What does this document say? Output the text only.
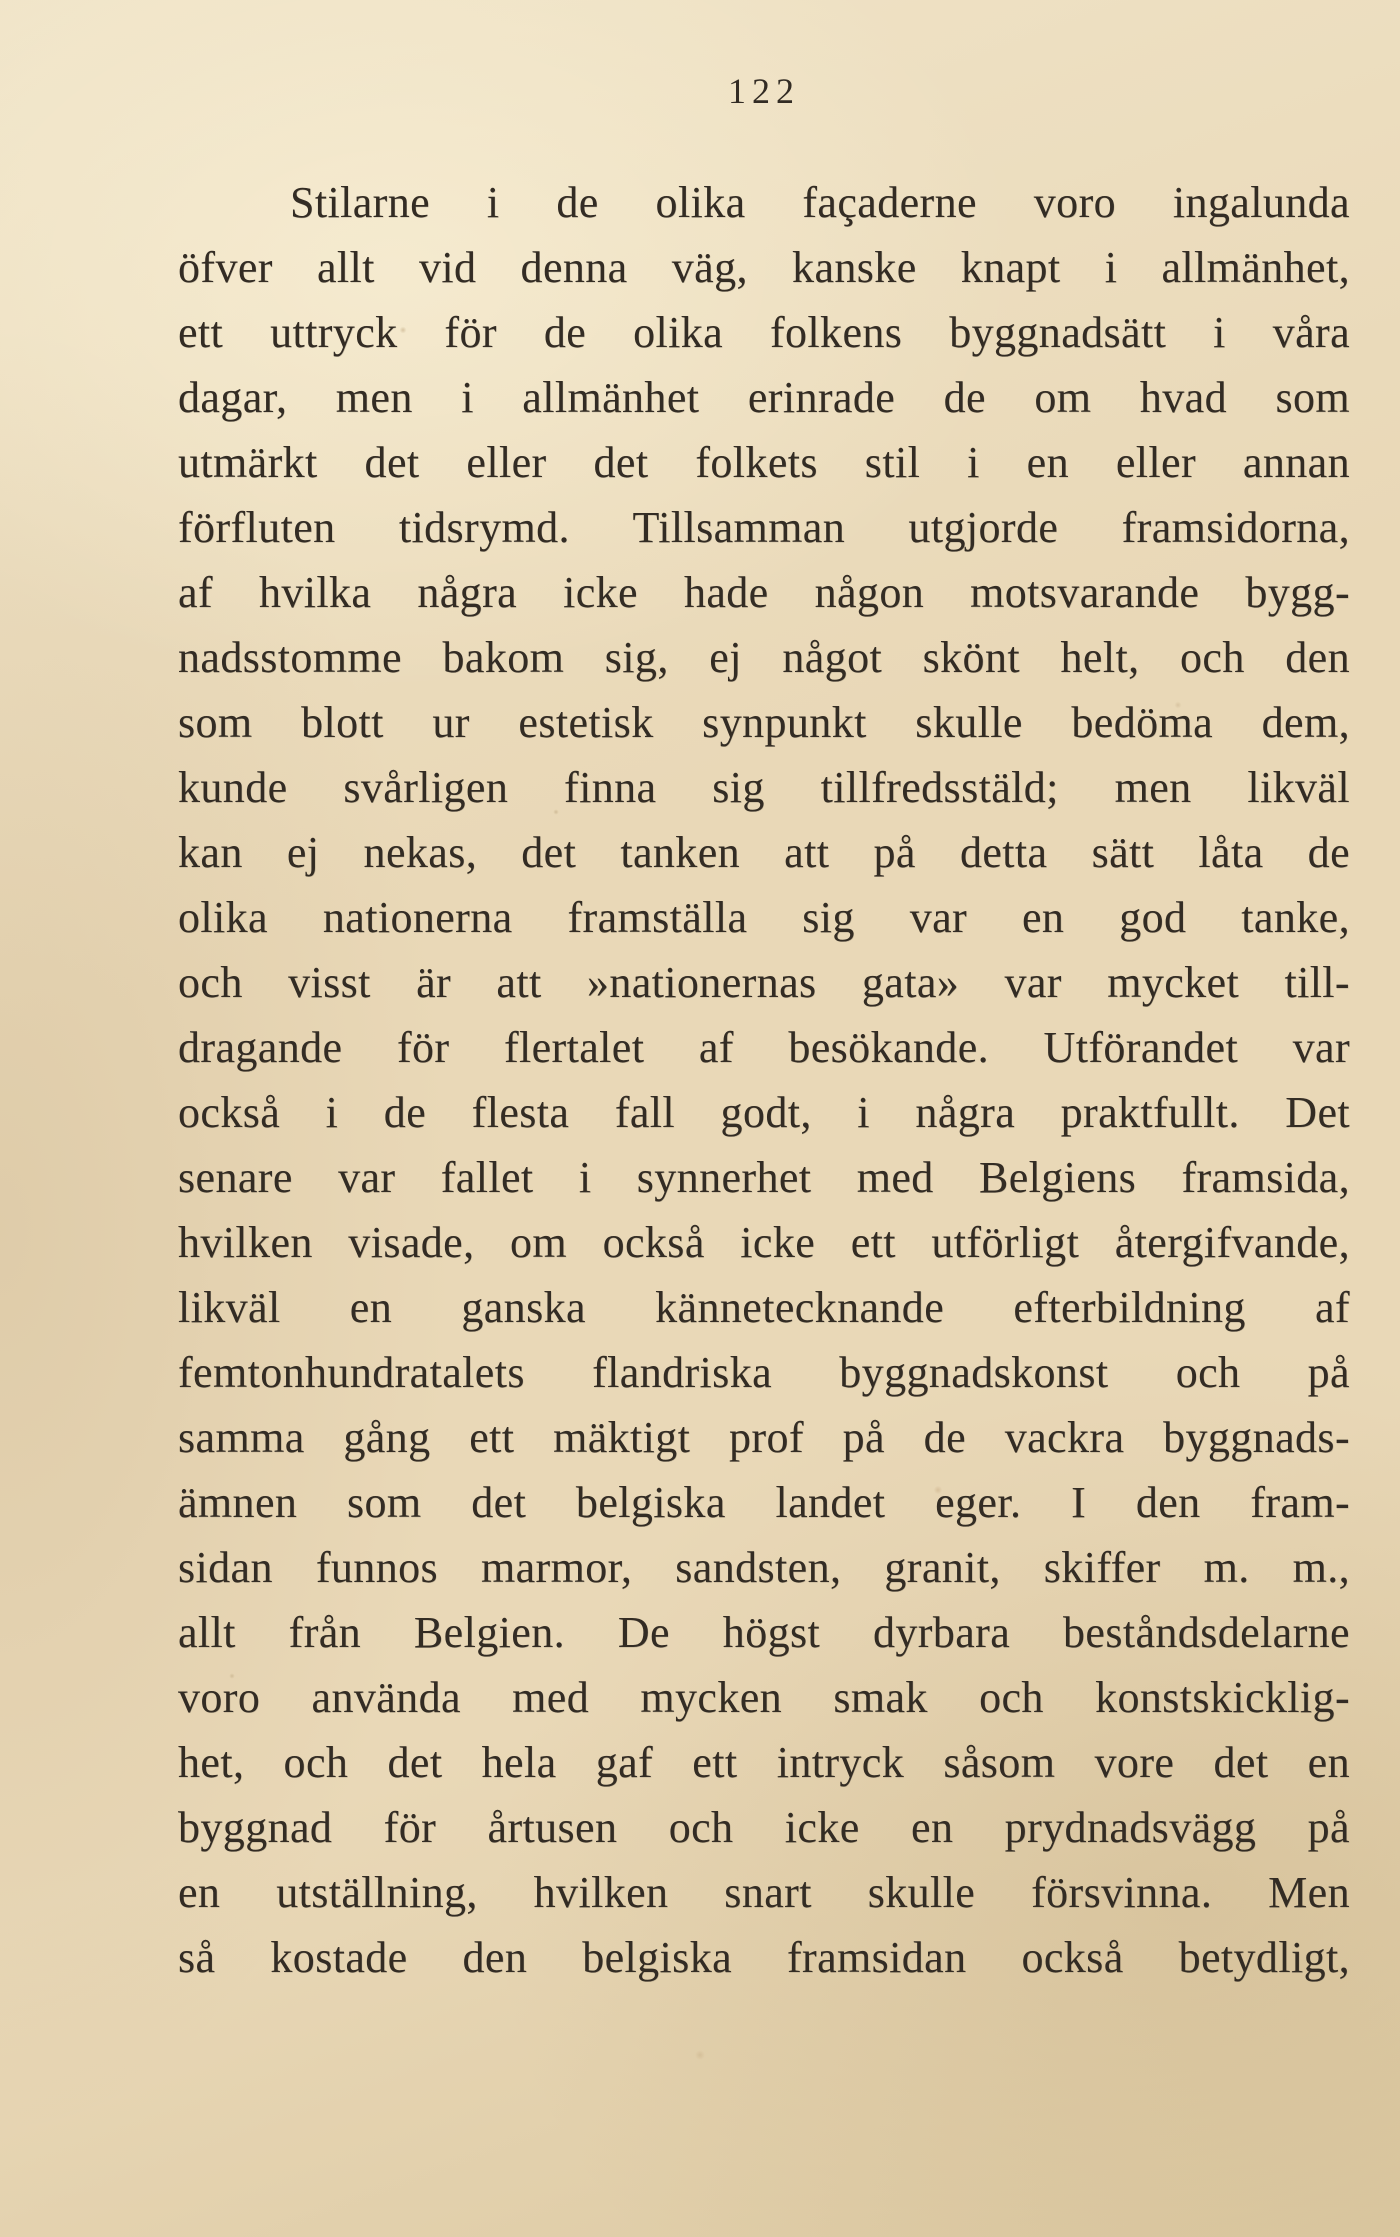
122
Stilarne i de olika façaderne voro ingalunda
öfver allt vid denna väg, kanske knapt i allmänhet,
ett uttryck för de olika folkens byggnadsätt i våra
dagar, men i allmänhet erinrade de om hvad som
utmärkt det eller det folkets stil i en eller annan
förfluten tidsrymd. Tillsamman utgjorde framsidorna,
af hvilka några icke hade någon motsvarande bygg-
nadsstomme bakom sig, ej något skönt helt, och den
som blott ur estetisk synpunkt skulle bedöma dem,
kunde svårligen finna sig tillfredsstäld; men likväl
kan ej nekas, det tanken att på detta sätt låta de
olika nationerna framställa sig var en god tanke,
och visst är att »nationernas gata» var mycket till-
dragande för flertalet af besökande. Utförandet var
också i de flesta fall godt, i några praktfullt. Det
senare var fallet i synnerhet med Belgiens framsida,
hvilken visade, om också icke ett utförligt återgifvande,
likväl en ganska kännetecknande efterbildning af
femtonhundratalets flandriska byggnadskonst och på
samma gång ett mäktigt prof på de vackra byggnads-
ämnen som det belgiska landet eger. I den fram-
sidan funnos marmor, sandsten, granit, skiffer m. m.,
allt från Belgien. De högst dyrbara beståndsdelarne
voro använda med mycken smak och konstskicklig-
het, och det hela gaf ett intryck såsom vore det en
byggnad för årtusen och icke en prydnadsvägg på
en utställning, hvilken snart skulle försvinna. Men
så kostade den belgiska framsidan också betydligt,
